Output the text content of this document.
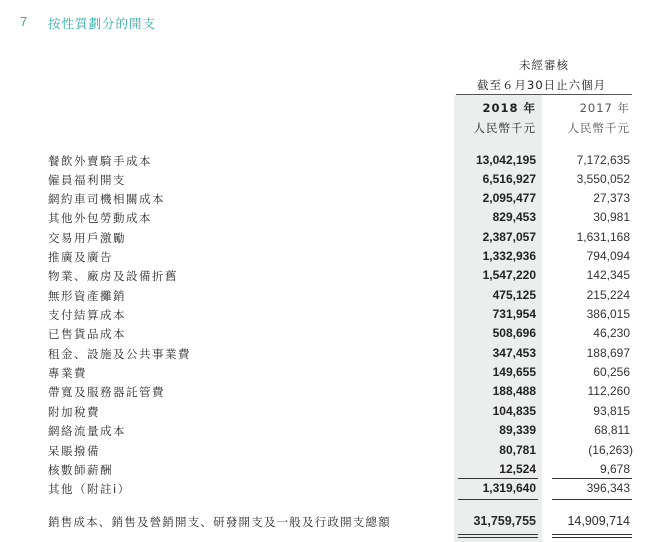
7 按性質劃分的開支
未經審核
截至６月30日止六個月
2018 年
人民幣千元
2017 年
人民幣千元
餐飲外賣騎手成本	13,042,195	7,172,635
僱員福利開支	6,516,927	3,550,052
網約車司機相關成本	2,095,477	27,373
其他外包勞動成本	829,453	30,981
交易用戶激勵	2,387,057	1,631,168
推廣及廣告	1,332,936	794,094
物業、廠房及設備折舊	1,547,220	142,345
無形資產攤銷	475,125	215,224
支付結算成本	731,954	386,015
已售貨品成本	508,696	46,230
租金、設施及公共事業費	347,453	188,697
專業費	149,655	60,256
帶寬及服務器託管費	188,488	112,260
附加稅費	104,835	93,815
網絡流量成本	89,339	68,811
呆賬撥備	80,781	(16,263)
核數師薪酬	12,524	9,678
其他（附註i）	1,319,640	396,343
銷售成本、銷售及營銷開支、研發開支及一般及行政開支總額	31,759,755	14,909,714
